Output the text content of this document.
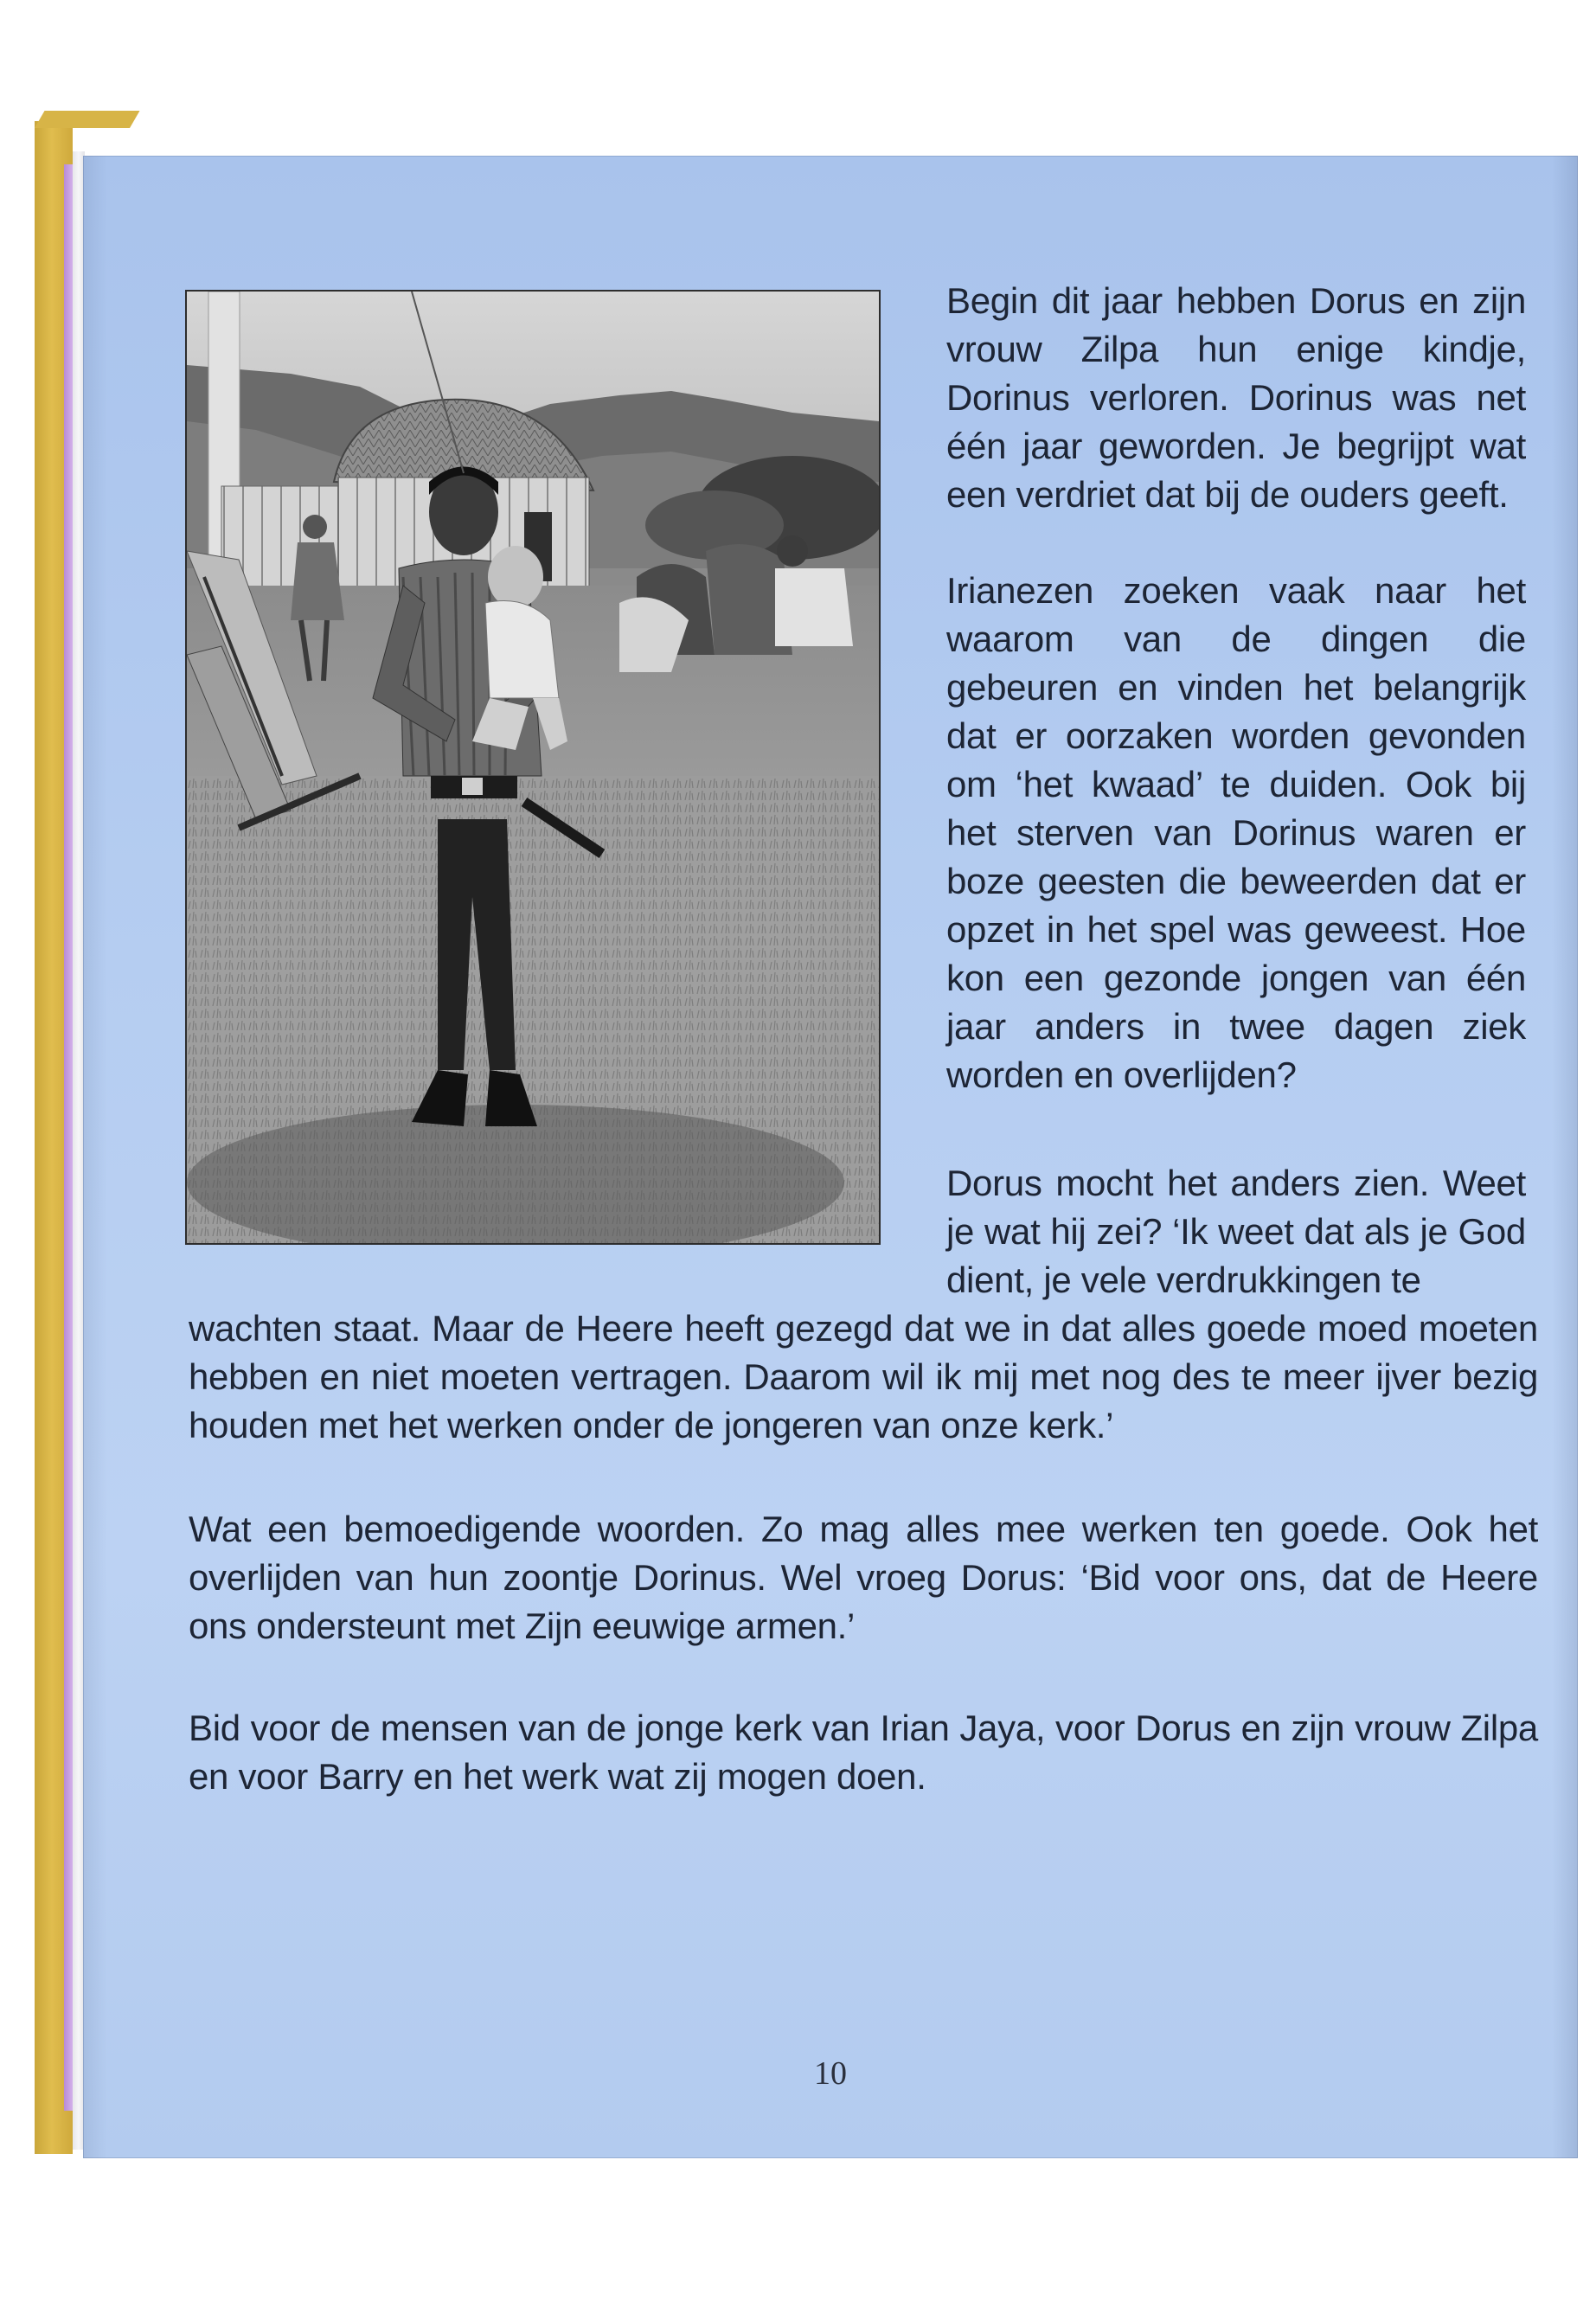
Begin dit jaar hebben Dorus en zijn vrouw Zilpa hun enige kindje, Dorinus verloren. Dorinus was net één jaar geworden. Je begrijpt wat een verdriet dat bij de ouders geeft.
Irianezen zoeken vaak naar het waarom van de dingen die gebeuren en vinden het belangrijk dat er oorzaken worden gevonden om ‘het kwaad’ te duiden. Ook bij het sterven van Dorinus waren er boze geesten die beweerden dat er opzet in het spel was geweest. Hoe kon een gezonde jongen van één jaar anders in twee dagen ziek worden en overlijden?
Dorus mocht het anders zien. Weet je wat hij zei? ‘Ik weet dat als je God dient, je vele verdrukkingen te
wachten staat. Maar de Heere heeft gezegd dat we in dat alles goede moed moeten hebben en niet moeten vertragen. Daarom wil ik mij met nog des te meer ijver bezig houden met het werken onder de jongeren van onze kerk.’
Wat een bemoedigende woorden. Zo mag alles mee werken ten goede. Ook het overlijden van hun zoontje Dorinus. Wel vroeg Dorus: ‘Bid voor ons, dat de Heere ons ondersteunt met Zijn eeuwige armen.’
Bid voor de mensen van de jonge kerk van Irian Jaya, voor Dorus en zijn vrouw Zilpa en voor Barry en het werk wat zij mogen doen.
10
